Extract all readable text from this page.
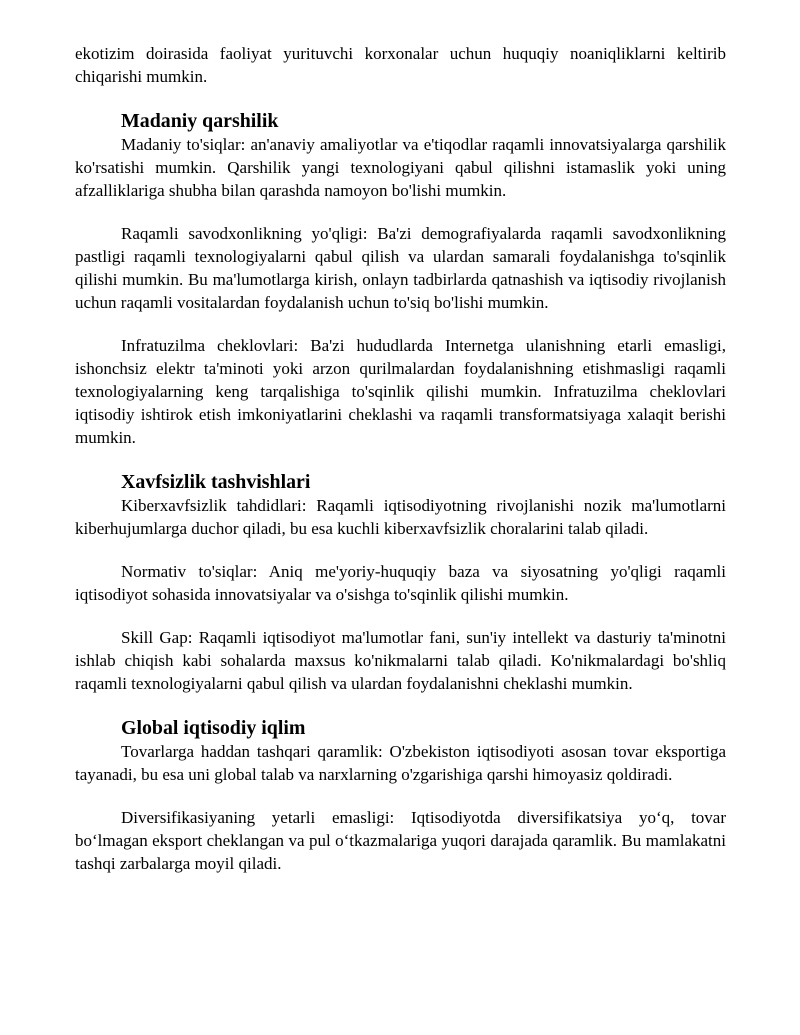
ekotizim doirasida faoliyat yurituvchi korxonalar uchun huquqiy noaniqliklarni keltirib chiqarishi mumkin.

Madaniy qarshilik

Madaniy to'siqlar: an'anaviy amaliyotlar va e'tiqodlar raqamli innovatsiyalarga qarshilik ko'rsatishi mumkin. Qarshilik yangi texnologiyani qabul qilishni istamaslik yoki uning afzalliklariga shubha bilan qarashda namoyon bo'lishi mumkin.

Raqamli savodxonlikning yo'qligi: Ba'zi demografiyalarda raqamli savodxonlikning pastligi raqamli texnologiyalarni qabul qilish va ulardan samarali foydalanishga to'sqinlik qilishi mumkin. Bu ma'lumotlarga kirish, onlayn tadbirlarda qatnashish va iqtisodiy rivojlanish uchun raqamli vositalardan foydalanish uchun to'siq bo'lishi mumkin.

Infratuzilma cheklovlari: Ba'zi hududlarda Internetga ulanishning etarli emasligi, ishonchsiz elektr ta'minoti yoki arzon qurilmalardan foydalanishning etishmasligi raqamli texnologiyalarning keng tarqalishiga to'sqinlik qilishi mumkin. Infratuzilma cheklovlari iqtisodiy ishtirok etish imkoniyatlarini cheklashi va raqamli transformatsiyaga xalaqit berishi mumkin.

Xavfsizlik tashvishlari

Kiberxavfsizlik tahdidlari: Raqamli iqtisodiyotning rivojlanishi nozik ma'lumotlarni kiberhujumlarga duchor qiladi, bu esa kuchli kiberxavfsizlik choralarini talab qiladi.

Normativ to'siqlar: Aniq me'yoriy-huquqiy baza va siyosatning yo'qligi raqamli iqtisodiyot sohasida innovatsiyalar va o'sishga to'sqinlik qilishi mumkin.

Skill Gap: Raqamli iqtisodiyot ma'lumotlar fani, sun'iy intellekt va dasturiy ta'minotni ishlab chiqish kabi sohalarda maxsus ko'nikmalarni talab qiladi. Ko'nikmalardagi bo'shliq raqamli texnologiyalarni qabul qilish va ulardan foydalanishni cheklashi mumkin.

Global iqtisodiy iqlim

Tovarlarga haddan tashqari qaramlik: O'zbekiston iqtisodiyoti asosan tovar eksportiga tayanadi, bu esa uni global talab va narxlarning o'zgarishiga qarshi himoyasiz qoldiradi.

Diversifikasiyaning yetarli emasligi: Iqtisodiyotda diversifikatsiya yo‘q, tovar bo‘lmagan eksport cheklangan va pul o‘tkazmalariga yuqori darajada qaramlik. Bu mamlakatni tashqi zarbalarga moyil qiladi.
